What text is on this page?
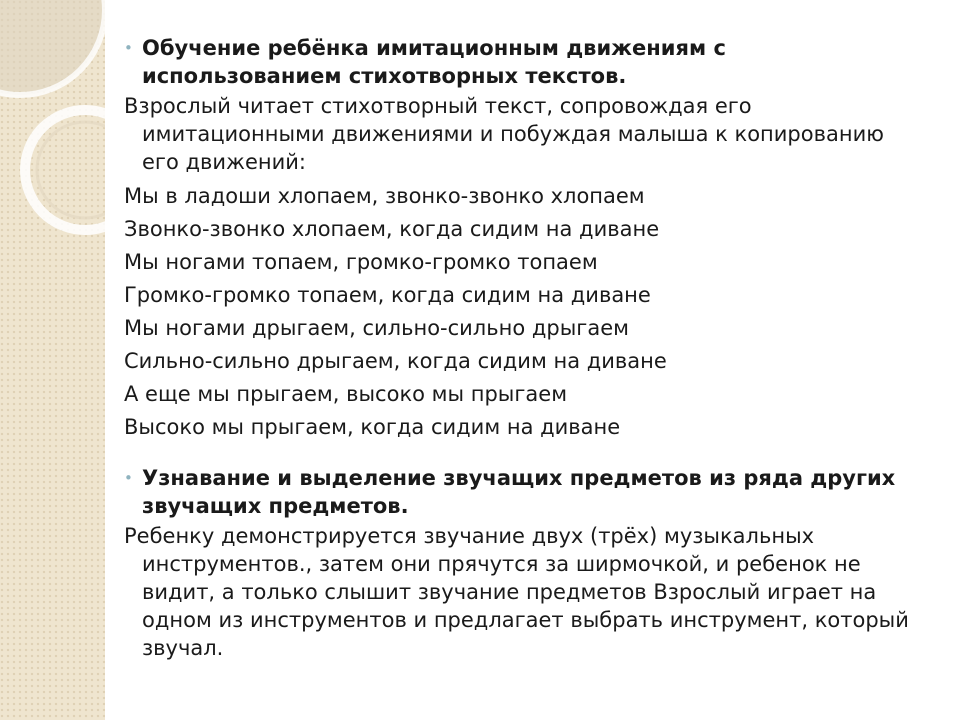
• Обучение ребёнка имитационным движениям с использованием стихотворных текстов.

Взрослый читает стихотворный текст, сопровождая его имитационными движениями и побуждая малыша к копированию его движений:

Мы в ладоши хлопаем, звонко-звонко хлопаем

Звонко-звонко хлопаем, когда сидим на диване

Мы ногами топаем, громко-громко топаем

Громко-громко топаем, когда сидим на диване

Мы ногами дрыгаем, сильно-сильно дрыгаем

Сильно-сильно дрыгаем, когда сидим на диване

А еще мы прыгаем, высоко мы прыгаем

Высоко мы прыгаем, когда сидим на диване

• Узнавание и выделение звучащих предметов из ряда других звучащих предметов.

Ребенку демонстрируется звучание двух (трёх) музыкальных инструментов., затем они прячутся за ширмочкой, и ребенок не видит, а только слышит звучание предметов Взрослый играет на одном из инструментов и предлагает выбрать инструмент, который звучал.
